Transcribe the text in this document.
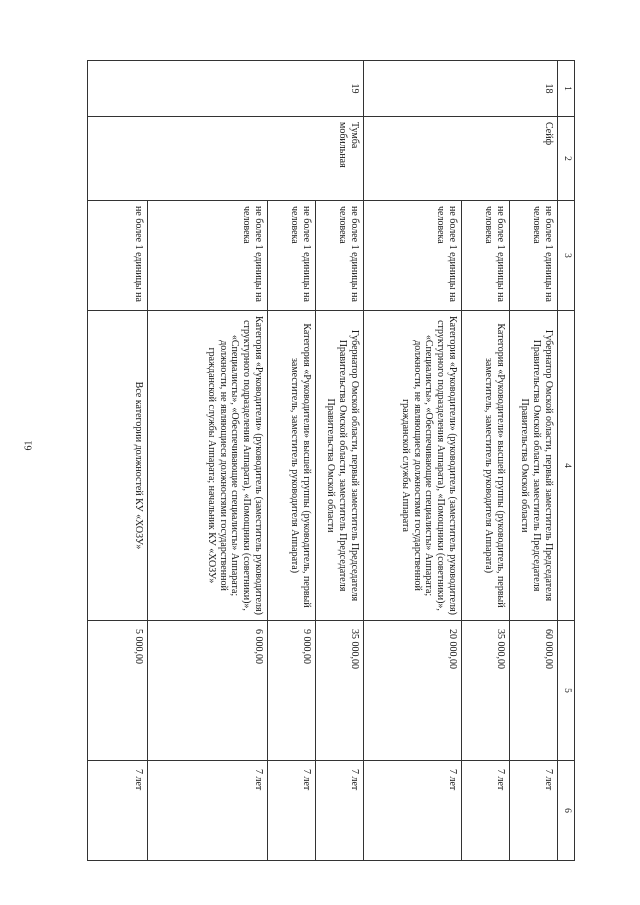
61
1	2	3	4	5	6
18	Сейф	не более 1 единицы на человека	Губернатор Омской области, первый заместитель Председателя Правительства Омской области, заместитель Председателя Правительства Омской области	60 000,00	7 лет
		не более 1 единицы на человека	Категория «Руководители» высшей группы (руководитель, первый заместитель, заместитель руководителя Аппарата)	35 000,00	7 лет
		не более 1 единицы на человека	Категория «Руководители» (руководитель (заместитель руководителя) структурного подразделения Аппарата), «Помощники (советники)», «Специалисты», «Обеспечивающие специалисты» Аппарата; должности, не являющиеся должностями государственной гражданской службы Аппарата	20 000,00	7 лет
19	Тумба мобильная	не более 1 единицы на человека	Губернатор Омской области, первый заместитель Председателя Правительства Омской области, заместитель Председателя Правительства Омской области	35 000,00	7 лет
		не более 1 единицы на человека	Категория «Руководители» высшей группы (руководитель, первый заместитель, заместитель руководителя Аппарата)	9 000,00	7 лет
		не более 1 единицы на человека	Категория «Руководители» (руководитель (заместитель руководителя) структурного подразделения Аппарата), «Помощники (советники)», «Специалисты», «Обеспечивающие специалисты» Аппарата; должности, не являющиеся должностями государственной гражданской службы Аппарата; начальник КУ «ХОЗУ»	6 000,00	7 лет
		не более 1 единицы на	Все категории должностей КУ «ХОЗУ»	5 000,00	7 лет
